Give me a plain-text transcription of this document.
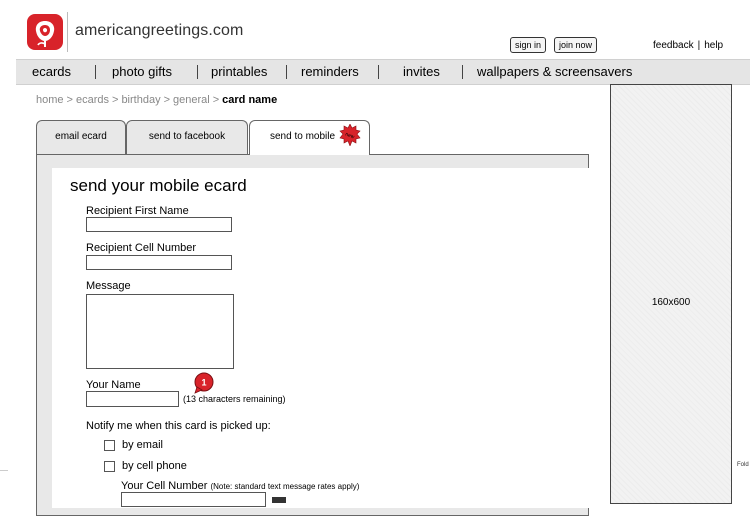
americangreetings.com
sign in	join now	feedback | help
ecards	photo gifts	printables	reminders	invites	wallpapers & screensavers
home > ecards > birthday > general > card name
email ecard	send to facebook	send to mobile	new
send your mobile ecard
Recipient First Name
Recipient Cell Number
Message
Your Name
(13 characters remaining)
1
Notify me when this card is picked up:
by email
by cell phone
Your Cell Number (Note: standard text message rates apply)
160x600
Fold
